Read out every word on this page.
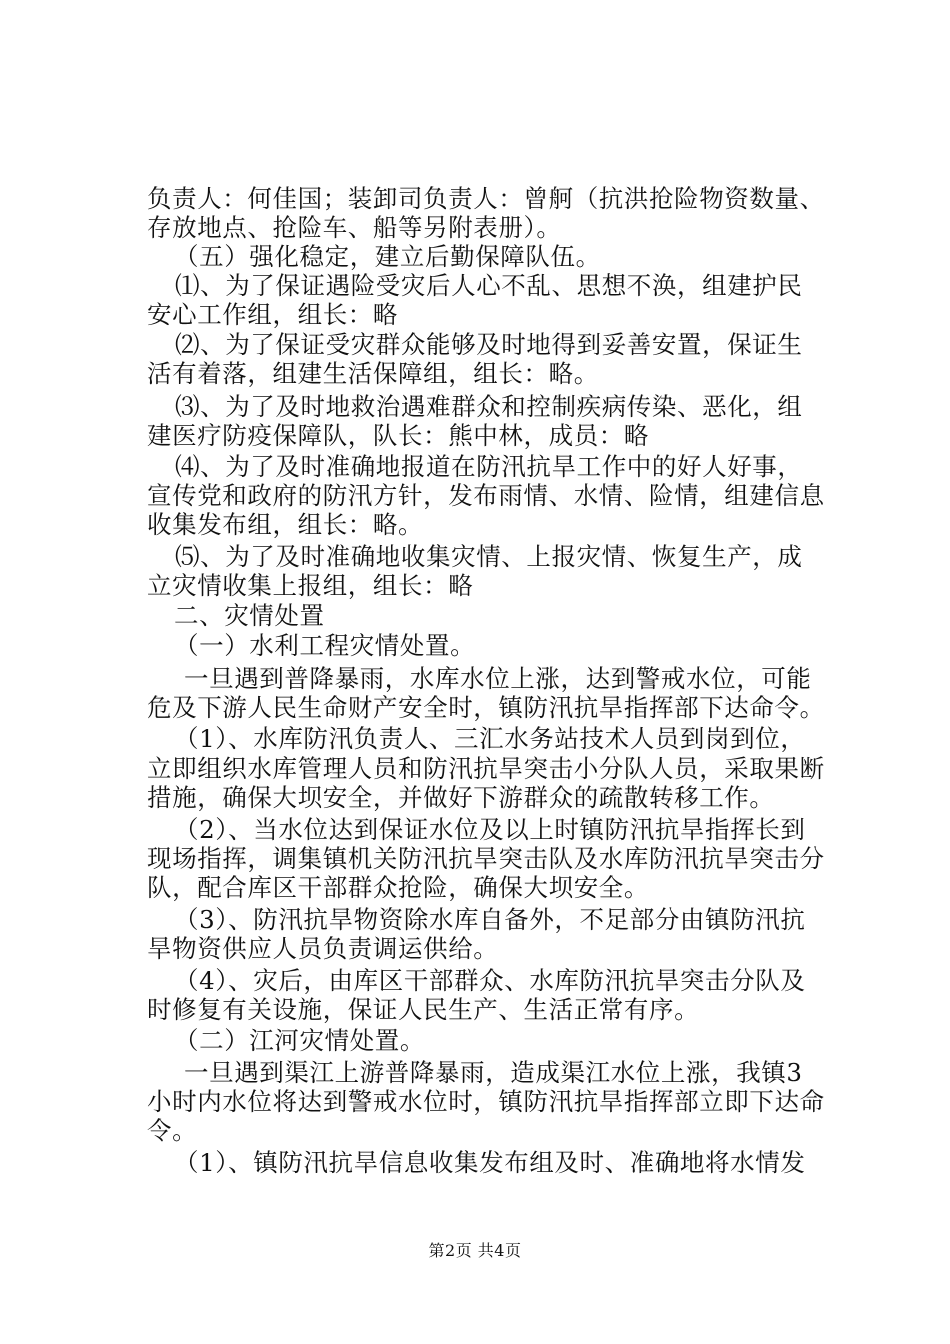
负责人：何佳国；装卸司负责人：曾舸（抗洪抢险物资数量、
存放地点、抢险车、船等另附表册）。
（五）强化稳定，建立后勤保障队伍。
⑴、为了保证遇险受灾后人心不乱、思想不涣，组建护民
安心工作组，组长：略
⑵、为了保证受灾群众能够及时地得到妥善安置，保证生
活有着落，组建生活保障组，组长：略。
⑶、为了及时地救治遇难群众和控制疾病传染、恶化，组
建医疗防疫保障队，队长：熊中林，成员：略
⑷、为了及时准确地报道在防汛抗旱工作中的好人好事，
宣传党和政府的防汛方针，发布雨情、水情、险情，组建信息
收集发布组，组长：略。
⑸、为了及时准确地收集灾情、上报灾情、恢复生产，成
立灾情收集上报组，组长：略
二、灾情处置
（一）水利工程灾情处置。
一旦遇到普降暴雨，水库水位上涨，达到警戒水位，可能
危及下游人民生命财产安全时，镇防汛抗旱指挥部下达命令。
（1）、水库防汛负责人、三汇水务站技术人员到岗到位，
立即组织水库管理人员和防汛抗旱突击小分队人员，采取果断
措施，确保大坝安全，并做好下游群众的疏散转移工作。
（2）、当水位达到保证水位及以上时镇防汛抗旱指挥长到
现场指挥，调集镇机关防汛抗旱突击队及水库防汛抗旱突击分
队，配合库区干部群众抢险，确保大坝安全。
（3）、防汛抗旱物资除水库自备外，不足部分由镇防汛抗
旱物资供应人员负责调运供给。
（4）、灾后，由库区干部群众、水库防汛抗旱突击分队及
时修复有关设施，保证人民生产、生活正常有序。
（二）江河灾情处置。
一旦遇到渠江上游普降暴雨，造成渠江水位上涨，我镇3
小时内水位将达到警戒水位时，镇防汛抗旱指挥部立即下达命
令。
（1）、镇防汛抗旱信息收集发布组及时、准确地将水情发
第2页 共4页
